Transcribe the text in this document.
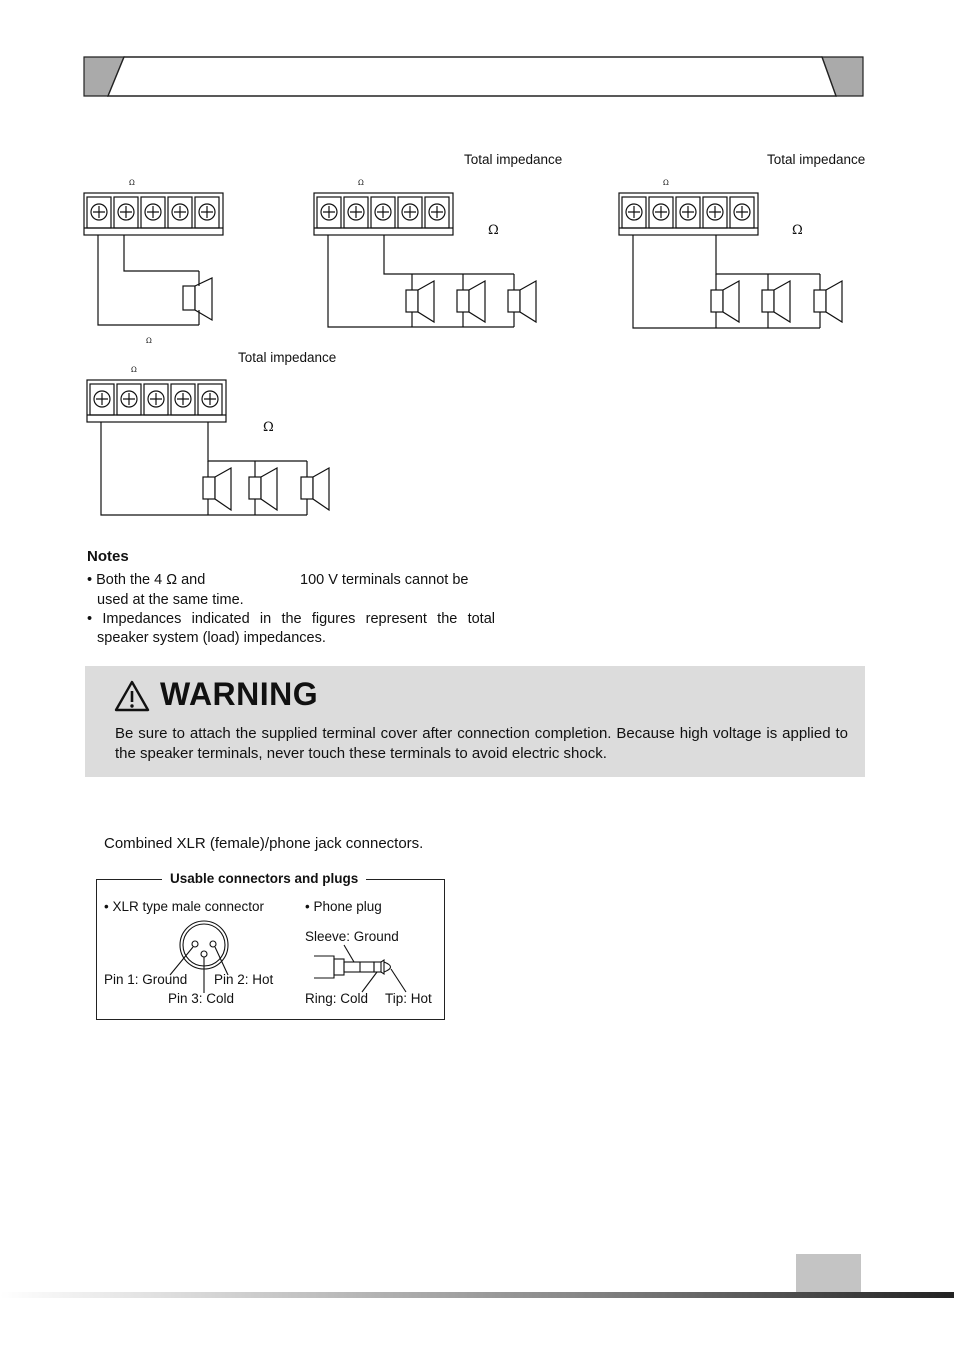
Ω
Ω
Total impedance
Ω
Ω
Total impedance
Ω
Ω
Total impedance
Ω
Ω
Notes
• Both the 4 Ω and	100 V terminals cannot be
used at the same time.
• Impedances indicated in the figures represent the total
speaker system (load) impedances.
WARNING
Be sure to attach the supplied terminal cover after connection completion. Because high voltage is applied to the speaker terminals, never touch these terminals to avoid electric shock.
Combined XLR (female)/phone jack connectors.
Usable connectors and plugs
• XLR type male connector	• Phone plug
Pin 1: Ground Pin 2: Hot
Pin 3: Cold
Sleeve: Ground
Ring: Cold Tip: Hot
